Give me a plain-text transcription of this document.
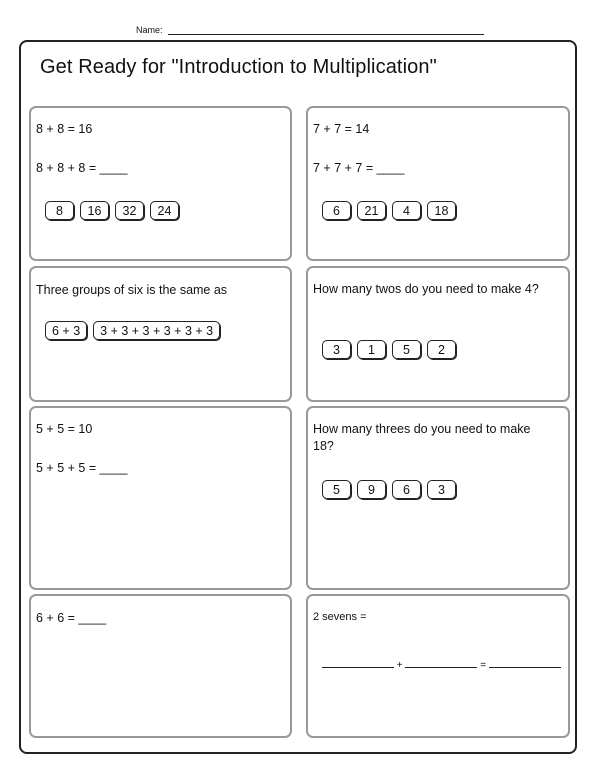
Name:
Get Ready for "Introduction to Multiplication"
8 + 8 = 16
8 + 8 + 8 = ____
8	16	32	24
7 + 7 = 14
7 + 7 + 7 = ____
6	21	4	18
Three groups of six is the same as
6 + 3	3 + 3 + 3 + 3 + 3 + 3
How many twos do you need to make 4?
3	1	5	2
5 + 5 = 10
5 + 5 + 5 = ____
How many threes do you need to make 18?
5	9	6	3
6 + 6 = ____	2 sevens =
+	=
